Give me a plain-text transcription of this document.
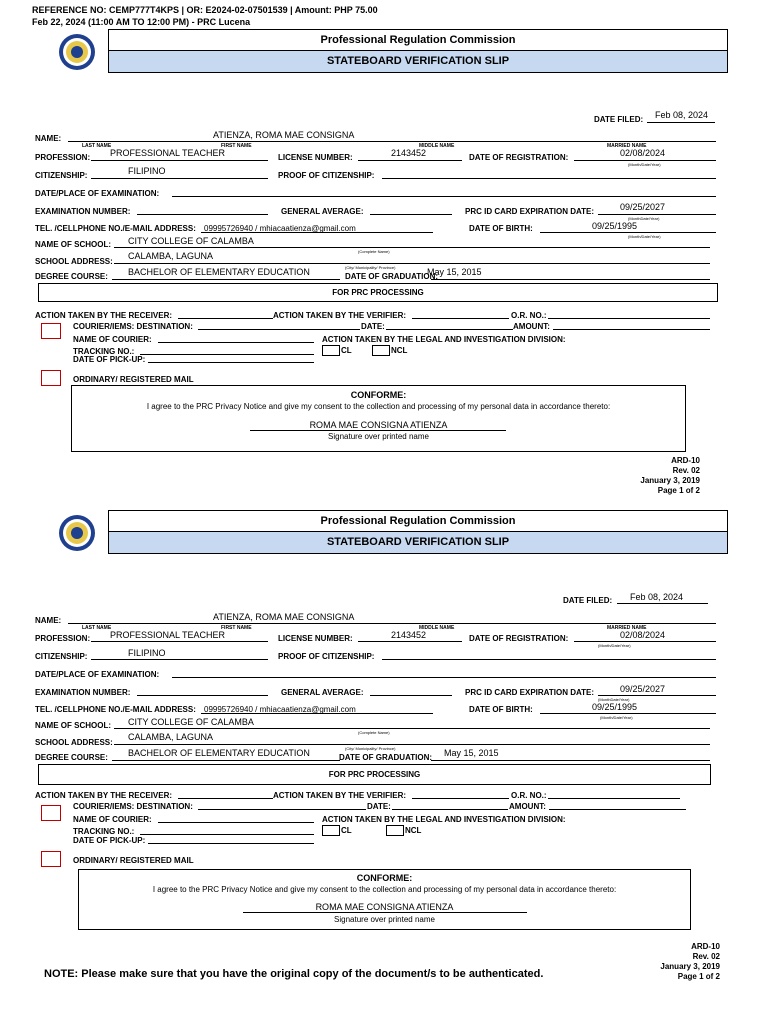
REFERENCE NO: CEMP777T4KPS | OR: E2024-02-07501539 | Amount: PHP 75.00
Feb 22, 2024 (11:00 AM TO 12:00 PM) - PRC Lucena
Professional Regulation Commission
STATEBOARD VERIFICATION SLIP
DATE FILED: Feb 08, 2024
NAME:	ATIENZA, ROMA MAE CONSIGNA
LAST NAME	FIRST NAME	MIDDLE NAME	MARRIED NAME
PROFESSION: PROFESSIONAL TEACHER	LICENSE NUMBER:	2143452	DATE OF REGISTRATION:	02/08/2024
(Month/Date/Year)
CITIZENSHIP:	FILIPINO	PROOF OF CITIZENSHIP:
DATE/PLACE OF EXAMINATION:
EXAMINATION NUMBER:	GENERAL AVERAGE:	PRC ID CARD EXPIRATION DATE:	09/25/2027
(MonthDate/Year)
TEL. /CELLPHONE NO./E-MAIL ADDRESS: 09995726940 / mhiacaatienza@gmail.com	DATE OF BIRTH:	09/25/1995
(Month/Date/Year)
NAME OF SCHOOL: CITY COLLEGE OF CALAMBA
(Complete Name)
SCHOOL ADDRESS:
CALAMBA, LAGUNA
(City/ Municipality/ Province)
DEGREE COURSE: BACHELOR OF ELEMENTARY EDUCATION	DATE OF GRADUATION:
May 15, 2015
FOR PRC PROCESSING
ACTION TAKEN BY THE RECEIVER:	ACTION TAKEN BY THE VERIFIER:	O.R. NO.:
COURIER/IEMS: DESTINATION:	DATE:	AMOUNT:
NAME OF COURIER:	ACTION TAKEN BY THE LEGAL AND INVESTIGATION DIVISION:
TRACKING NO.:	CL	NCL
DATE OF PICK-UP:
ORDINARY/ REGISTERED MAIL
CONFORME:
I agree to the PRC Privacy Notice and give my consent to the collection and processing of my personal data in accordance thereto:
ROMA MAE CONSIGNA ATIENZA
Signature over printed name
ARD-10
Rev. 02
January 3, 2019
Page 1 of 2
Professional Regulation Commission
STATEBOARD VERIFICATION SLIP
DATE FILED: Feb 08, 2024
NAME:	ATIENZA, ROMA MAE CONSIGNA
LAST NAME	FIRST NAME	MIDDLE NAME	MARRIED NAME
PROFESSION: PROFESSIONAL TEACHER	LICENSE NUMBER:	2143452	DATE OF REGISTRATION:	02/08/2024
(Month/Date/Year)
CITIZENSHIP:	FILIPINO	PROOF OF CITIZENSHIP:
DATE/PLACE OF EXAMINATION:
EXAMINATION NUMBER:	GENERAL AVERAGE:	PRC ID CARD EXPIRATION DATE:	09/25/2027
(MonthDate/Year)
TEL. /CELLPHONE NO./E-MAIL ADDRESS: 09995726940 / mhiacaatienza@gmail.com	DATE OF BIRTH:	09/25/1995
(Month/Date/Year)
NAME OF SCHOOL: CITY COLLEGE OF CALAMBA
(Complete Name)
SCHOOL ADDRESS:
CALAMBA, LAGUNA
(City/ Municipality/ Province)
DEGREE COURSE: BACHELOR OF ELEMENTARY EDUCATION	DATE OF GRADUATION: May 15, 2015
FOR PRC PROCESSING
ACTION TAKEN BY THE RECEIVER:	ACTION TAKEN BY THE VERIFIER:	O.R. NO.:
COURIER/IEMS: DESTINATION:	DATE:	AMOUNT:
NAME OF COURIER:	ACTION TAKEN BY THE LEGAL AND INVESTIGATION DIVISION:
TRACKING NO.:	CL	NCL
DATE OF PICK-UP:
ORDINARY/ REGISTERED MAIL
CONFORME:
I agree to the PRC Privacy Notice and give my consent to the collection and processing of my personal data in accordance thereto:
ROMA MAE CONSIGNA ATIENZA
Signature over printed name
ARD-10
Rev. 02
January 3, 2019
Page 1 of 2
NOTE: Please make sure that you have the original copy of the document/s to be authenticated.
